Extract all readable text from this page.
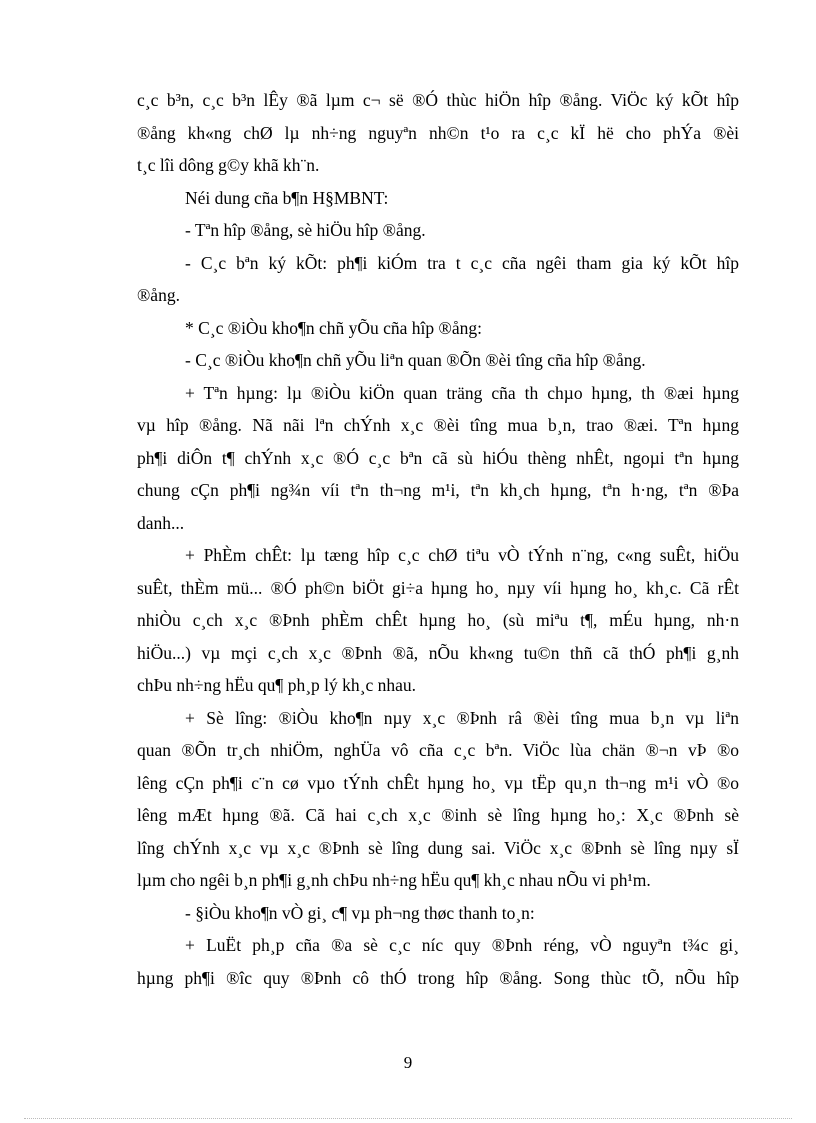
c¸c b³n, c¸c b³n lÊy ®ã lµm c¬ së ®Ó thùc hiÖn hîp ®ång. ViÖc ký kÕt hîp
®ång kh«ng chØ lµ nh÷ng nguyªn nh©n t¹o ra c¸c kÏ hë cho phÝa ®èi
t¸c lîi dông g©y khã kh¨n.
Néi dung cña b¶n H§MBNT:
- Tªn hîp ®ång, sè hiÖu hîp ®ång.
- C¸c bªn ký kÕt: ph¶i kiÓm tra t c¸c cña ngêi tham gia ký kÕt hîp
®ång.
* C¸c ®iÒu kho¶n chñ yÕu cña hîp ®ång:
- C¸c ®iÒu kho¶n chñ yÕu liªn quan ®Õn ®èi tîng cña hîp ®ång.
+ Tªn hµng: lµ ®iÒu kiÖn quan träng cña th chµo hµng, th ®æi hµng
vµ hîp ®ång. Nã nãi lªn chÝnh x¸c ®èi tîng mua b¸n, trao ®æi. Tªn hµng
ph¶i diÔn t¶ chÝnh x¸c ®Ó c¸c bªn cã sù hiÓu thèng nhÊt, ngoµi tªn hµng
chung cÇn ph¶i ng¾n víi tªn th¬ng m¹i, tªn kh¸ch hµng, tªn h·ng, tªn ®Þa
danh...
+ PhÈm chÊt: lµ tæng hîp c¸c chØ tiªu vÒ tÝnh n¨ng, c«ng suÊt, hiÖu
suÊt, thÈm mü... ®Ó ph©n biÖt gi÷a hµng ho¸ nµy víi hµng ho¸ kh¸c. Cã rÊt
nhiÒu c¸ch x¸c ®Þnh phÈm chÊt hµng ho¸ (sù miªu t¶, mÉu hµng, nh·n
hiÖu...) vµ mçi c¸ch x¸c ®Þnh ®ã, nÕu kh«ng tu©n thñ cã thÓ ph¶i g¸nh
chÞu nh÷ng hËu qu¶ ph¸p lý kh¸c nhau.
+ Sè lîng: ®iÒu kho¶n nµy x¸c ®Þnh râ ®èi tîng mua b¸n vµ liªn
quan ®Õn tr¸ch nhiÖm, nghÜa vô cña c¸c bªn. ViÖc lùa chän ®¬n vÞ ®o
lêng cÇn ph¶i c¨n cø vµo tÝnh chÊt hµng ho¸ vµ tËp qu¸n th¬ng m¹i vÒ ®o
lêng mÆt hµng ®ã. Cã hai c¸ch x¸c ®inh sè lîng hµng ho¸: X¸c ®Þnh sè
lîng chÝnh x¸c vµ x¸c ®Þnh sè lîng dung sai. ViÖc x¸c ®Þnh sè lîng nµy sÏ
lµm cho ngêi b¸n ph¶i g¸nh chÞu nh÷ng hËu qu¶ kh¸c nhau nÕu vi ph¹m.
- §iÒu kho¶n vÒ gi¸ c¶ vµ ph¬ng thøc thanh to¸n:
+ LuËt ph¸p cña ®a sè c¸c níc quy ®Þnh réng, vÒ nguyªn t¾c gi¸
hµng ph¶i ®îc quy ®Þnh cô thÓ trong hîp ®ång. Song thùc tÕ, nÕu hîp
9
